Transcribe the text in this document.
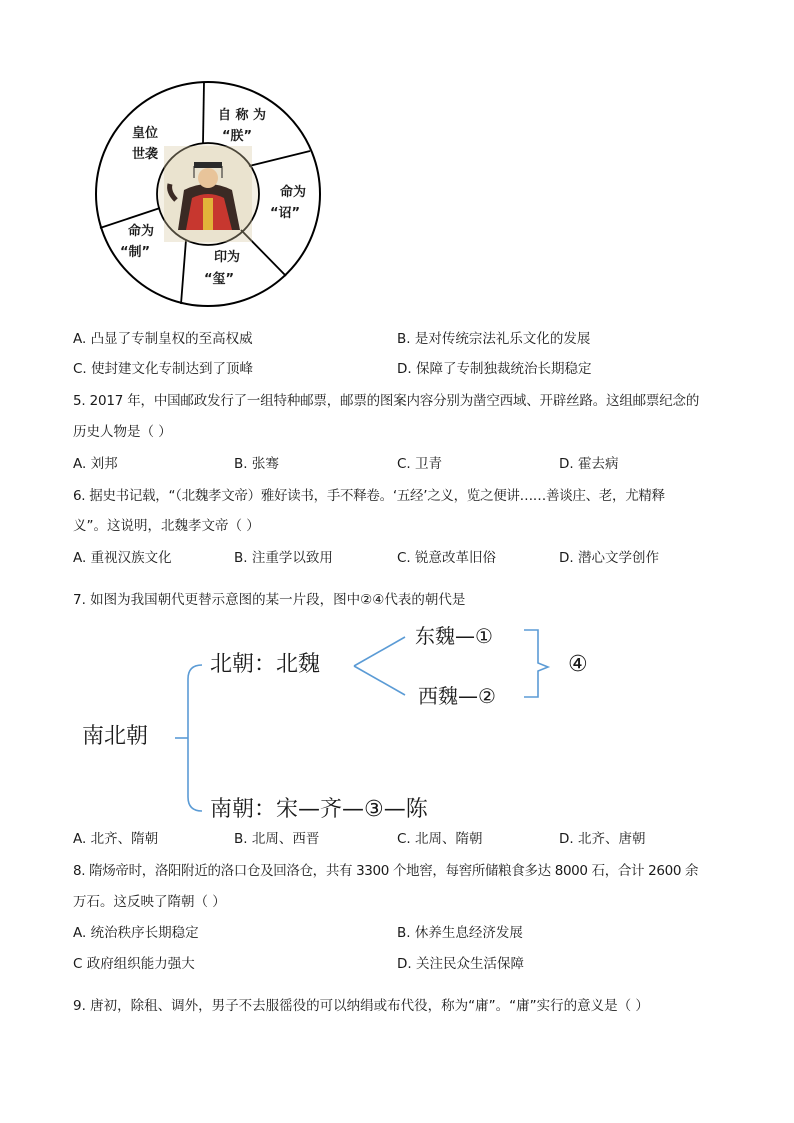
自 称 为
“朕”
命为
“诏”
印为
“玺”
命为
“制”
皇位
世袭
A. 凸显了专制皇权的至高权威	B. 是对传统宗法礼乐文化的发展
C. 使封建文化专制达到了顶峰	D. 保障了专制独裁统治长期稳定
5. 2017 年，中国邮政发行了一组特种邮票，邮票的图案内容分别为凿空西域、开辟丝路。这组邮票纪念的
历史人物是（ ）
A. 刘邦	B. 张骞	C. 卫青	D. 霍去病
6. 据史书记载，“（北魏孝文帝）雅好读书，手不释卷。‘五经’之义，览之便讲……善谈庄、老，尤精释
义”。这说明，北魏孝文帝（ ）
A. 重视汉族文化	B. 注重学以致用	C. 锐意改革旧俗	D. 潜心文学创作
7. 如图为我国朝代更替示意图的某一片段，图中②④代表的朝代是
南北朝
北朝：北魏
东魏—①
西魏—②
④
南朝：宋—齐—③—陈
A. 北齐、隋朝	B. 北周、西晋	C. 北周、隋朝	D. 北齐、唐朝
8. 隋炀帝时，洛阳附近的洛口仓及回洛仓，共有 3300 个地窖，每窖所储粮食多达 8000 石，合计 2600 余
万石。这反映了隋朝（ ）
A. 统治秩序长期稳定	B. 休养生息经济发展
C 政府组织能力强大	D. 关注民众生活保障
9. 唐初，除租、调外，男子不去服徭役的可以纳绢或布代役，称为“庸”。“庸”实行的意义是（ ）
